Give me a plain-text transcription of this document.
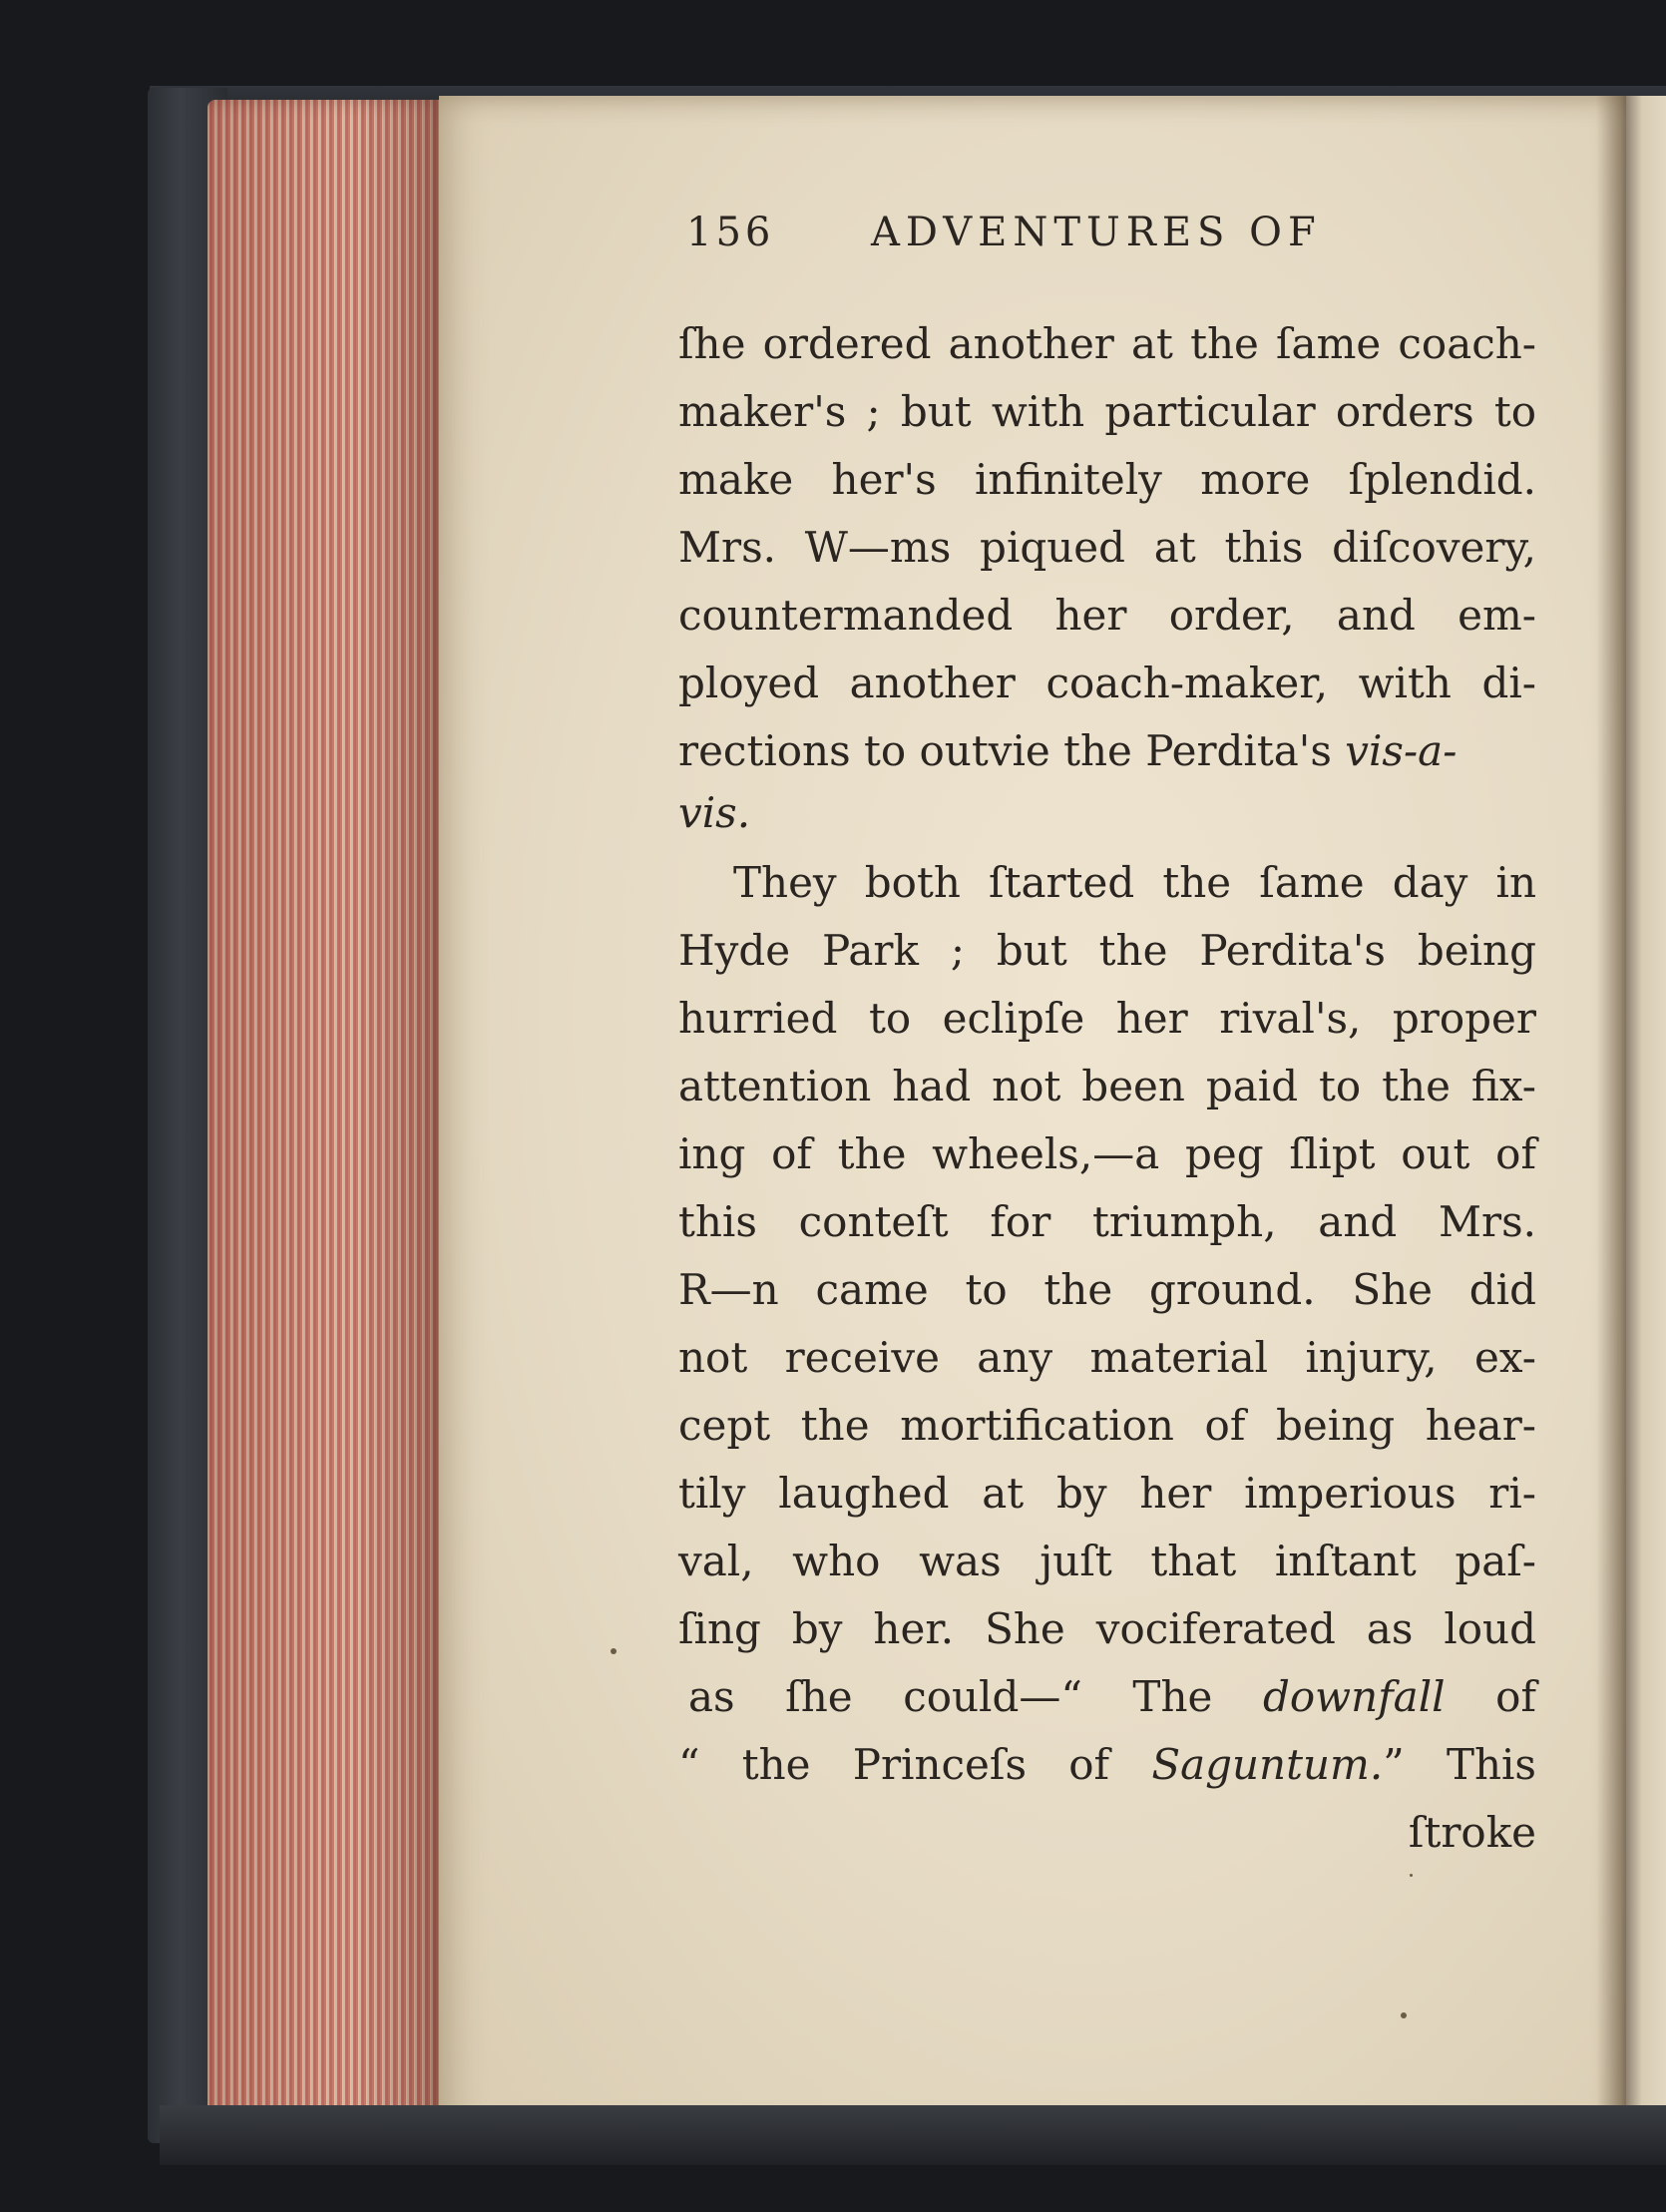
156 ADVENTURES OF
ſhe ordered another at the ſame coach-
maker's ; but with particular orders to
make her's infinitely more ſplendid.
Mrs. W—ms piqued at this diſcovery,
countermanded her order, and em-
ployed another coach-maker, with di-
rections to outvie the Perdita's vis-a-
vis.
They both ſtarted the ſame day in
Hyde Park ; but the Perdita's being
hurried to eclipſe her rival's, proper
attention had not been paid to the fix-
ing of the wheels,—a peg ſlipt out of
this conteſt for triumph, and Mrs.
R—n came to the ground. She did
not receive any material injury, ex-
cept the mortification of being hear-
tily laughed at by her imperious ri-
val, who was juſt that inſtant paſ-
ſing by her. She vociferated as loud
as ſhe could—“ The downfall of
“ the Princeſs of Saguntum.” This
ſtroke
